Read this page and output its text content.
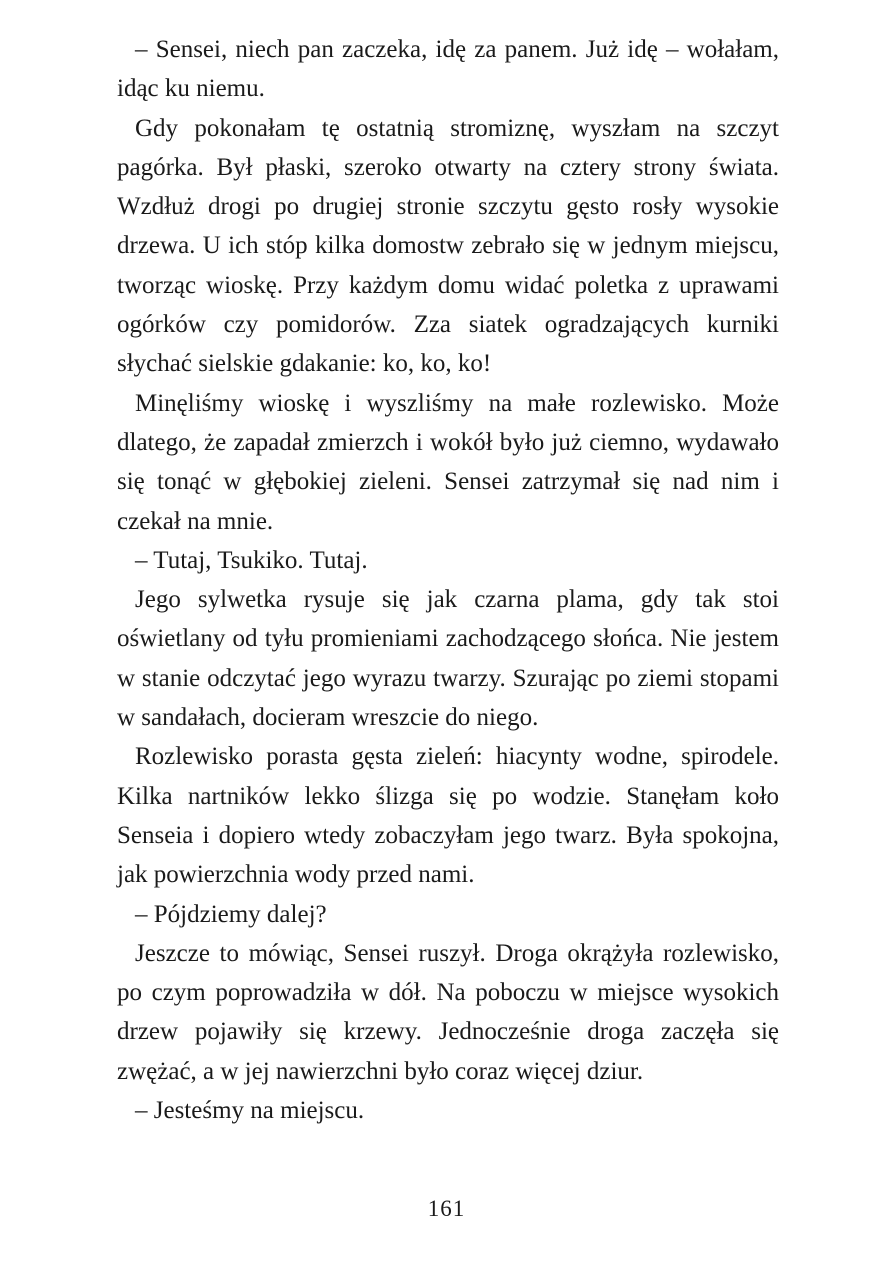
– Sensei, niech pan zaczeka, idę za panem. Już idę – wołałam, idąc ku niemu.

Gdy pokonałam tę ostatnią stromiznę, wyszłam na szczyt pagórka. Był płaski, szeroko otwarty na cztery strony świata. Wzdłuż drogi po drugiej stronie szczytu gęsto rosły wysokie drzewa. U ich stóp kilka domostw zebrało się w jednym miejscu, tworząc wioskę. Przy każdym domu widać poletka z uprawami ogórków czy pomidorów. Zza siatek ogradzających kurniki słychać sielskie gdakanie: ko, ko, ko!

Minęliśmy wioskę i wyszliśmy na małe rozlewisko. Może dlatego, że zapadał zmierzch i wokół było już ciemno, wydawało się tonąć w głębokiej zieleni. Sensei zatrzymał się nad nim i czekał na mnie.

– Tutaj, Tsukiko. Tutaj.

Jego sylwetka rysuje się jak czarna plama, gdy tak stoi oświetlany od tyłu promieniami zachodzącego słońca. Nie jestem w stanie odczytać jego wyrazu twarzy. Szurając po ziemi stopami w sandałach, docieram wreszcie do niego.

Rozlewisko porasta gęsta zieleń: hiacynty wodne, spirodele. Kilka nartników lekko ślizga się po wodzie. Stanęłam koło Senseia i dopiero wtedy zobaczyłam jego twarz. Była spokojna, jak powierzchnia wody przed nami.

– Pójdziemy dalej?

Jeszcze to mówiąc, Sensei ruszył. Droga okrążyła rozlewisko, po czym poprowadziła w dół. Na poboczu w miejsce wysokich drzew pojawiły się krzewy. Jednocześnie droga zaczęła się zwężać, a w jej nawierzchni było coraz więcej dziur.

– Jesteśmy na miejscu.

161
